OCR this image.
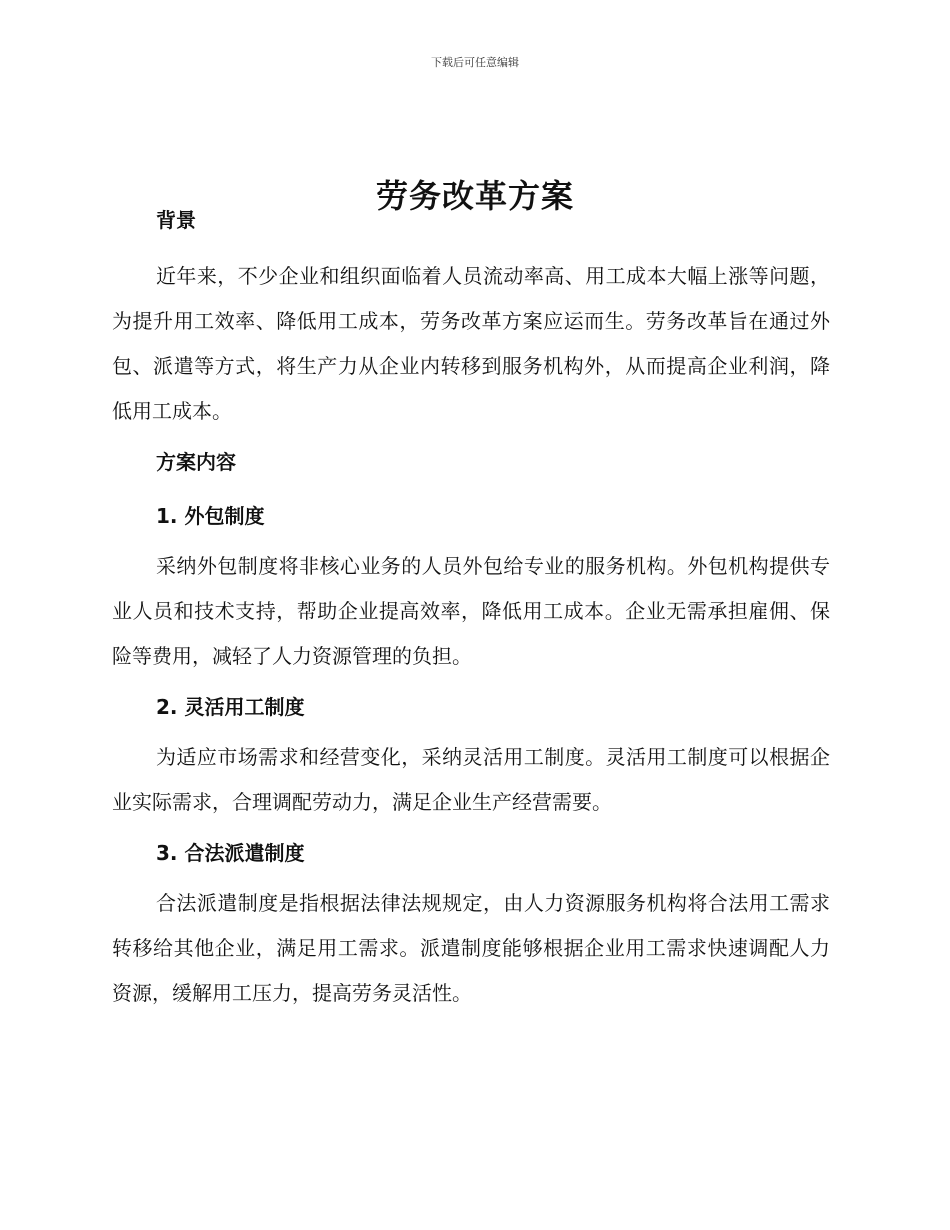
下载后可任意编辑
劳务改革方案
背景

近年来，不少企业和组织面临着人员流动率高、用工成本大幅上涨等问题，为提升用工效率、降低用工成本，劳务改革方案应运而生。劳务改革旨在通过外包、派遣等方式，将生产力从企业内转移到服务机构外，从而提高企业利润，降低用工成本。

方案内容
1. 外包制度

采纳外包制度将非核心业务的人员外包给专业的服务机构。外包机构提供专业人员和技术支持，帮助企业提高效率，降低用工成本。企业无需承担雇佣、保险等费用，减轻了人力资源管理的负担。

2. 灵活用工制度

为适应市场需求和经营变化，采纳灵活用工制度。灵活用工制度可以根据企业实际需求，合理调配劳动力，满足企业生产经营需要。

3. 合法派遣制度

合法派遣制度是指根据法律法规规定，由人力资源服务机构将合法用工需求转移给其他企业，满足用工需求。派遣制度能够根据企业用工需求快速调配人力资源，缓解用工压力，提高劳务灵活性。
